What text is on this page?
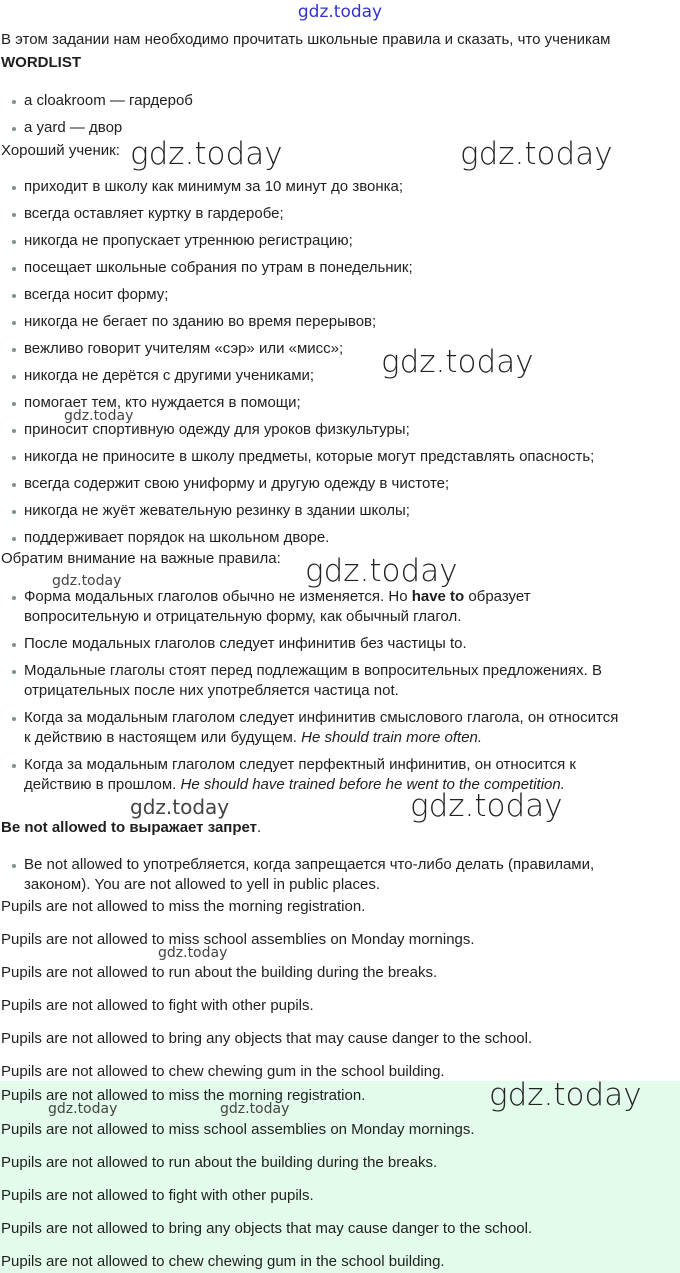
gdz.today
В этом задании нам необходимо прочитать школьные правила и сказать, что ученикам
WORDLIST
a cloakroom — гардероб
a yard — двор
Хороший ученик:
приходит в школу как минимум за 10 минут до звонка;
всегда оставляет куртку в гардеробе;
никогда не пропускает утреннюю регистрацию;
посещает школьные собрания по утрам в понедельник;
всегда носит форму;
никогда не бегает по зданию во время перерывов;
вежливо говорит учителям «сэр» или «мисс»;
никогда не дерётся с другими учениками;
помогает тем, кто нуждается в помощи;
приносит спортивную одежду для уроков физкультуры;
никогда не приносите в школу предметы, которые могут представлять опасность;
всегда содержит свою униформу и другую одежду в чистоте;
никогда не жуёт жевательную резинку в здании школы;
поддерживает порядок на школьном дворе.
Обратим внимание на важные правила:
Форма модальных глаголов обычно не изменяется. Но have to образует
вопросительную и отрицательную форму, как обычный глагол.
После модальных глаголов следует инфинитив без частицы to.
Модальные глаголы стоят перед подлежащим в вопросительных предложениях. В
отрицательных после них употребляется частица not.
Когда за модальным глаголом следует инфинитив смыслового глагола, он относится
к действию в настоящем или будущем. He should train more often.
Когда за модальным глаголом следует перфектный инфинитив, он относится к
действию в прошлом. He should have trained before he went to the competition.
Be not allowed to выражает запрет.
Be not allowed to употребляется, когда запрещается что-либо делать (правилами,
законом). You are not allowed to yell in public places.
Pupils are not allowed to miss the morning registration.
Pupils are not allowed to miss school assemblies on Monday mornings.
Pupils are not allowed to run about the building during the breaks.
Pupils are not allowed to fight with other pupils.
Pupils are not allowed to bring any objects that may cause danger to the school.
Pupils are not allowed to chew chewing gum in the school building.
Pupils are not allowed to miss the morning registration.
Pupils are not allowed to miss school assemblies on Monday mornings.
Pupils are not allowed to run about the building during the breaks.
Pupils are not allowed to fight with other pupils.
Pupils are not allowed to bring any objects that may cause danger to the school.
Pupils are not allowed to chew chewing gum in the school building.
gdz.today	gdz.today
gdz.today
gdz.today
gdz.today
gdz.today
gdz.today	gdz.today
gdz.today
gdz.today
gdz.today	gdz.today
